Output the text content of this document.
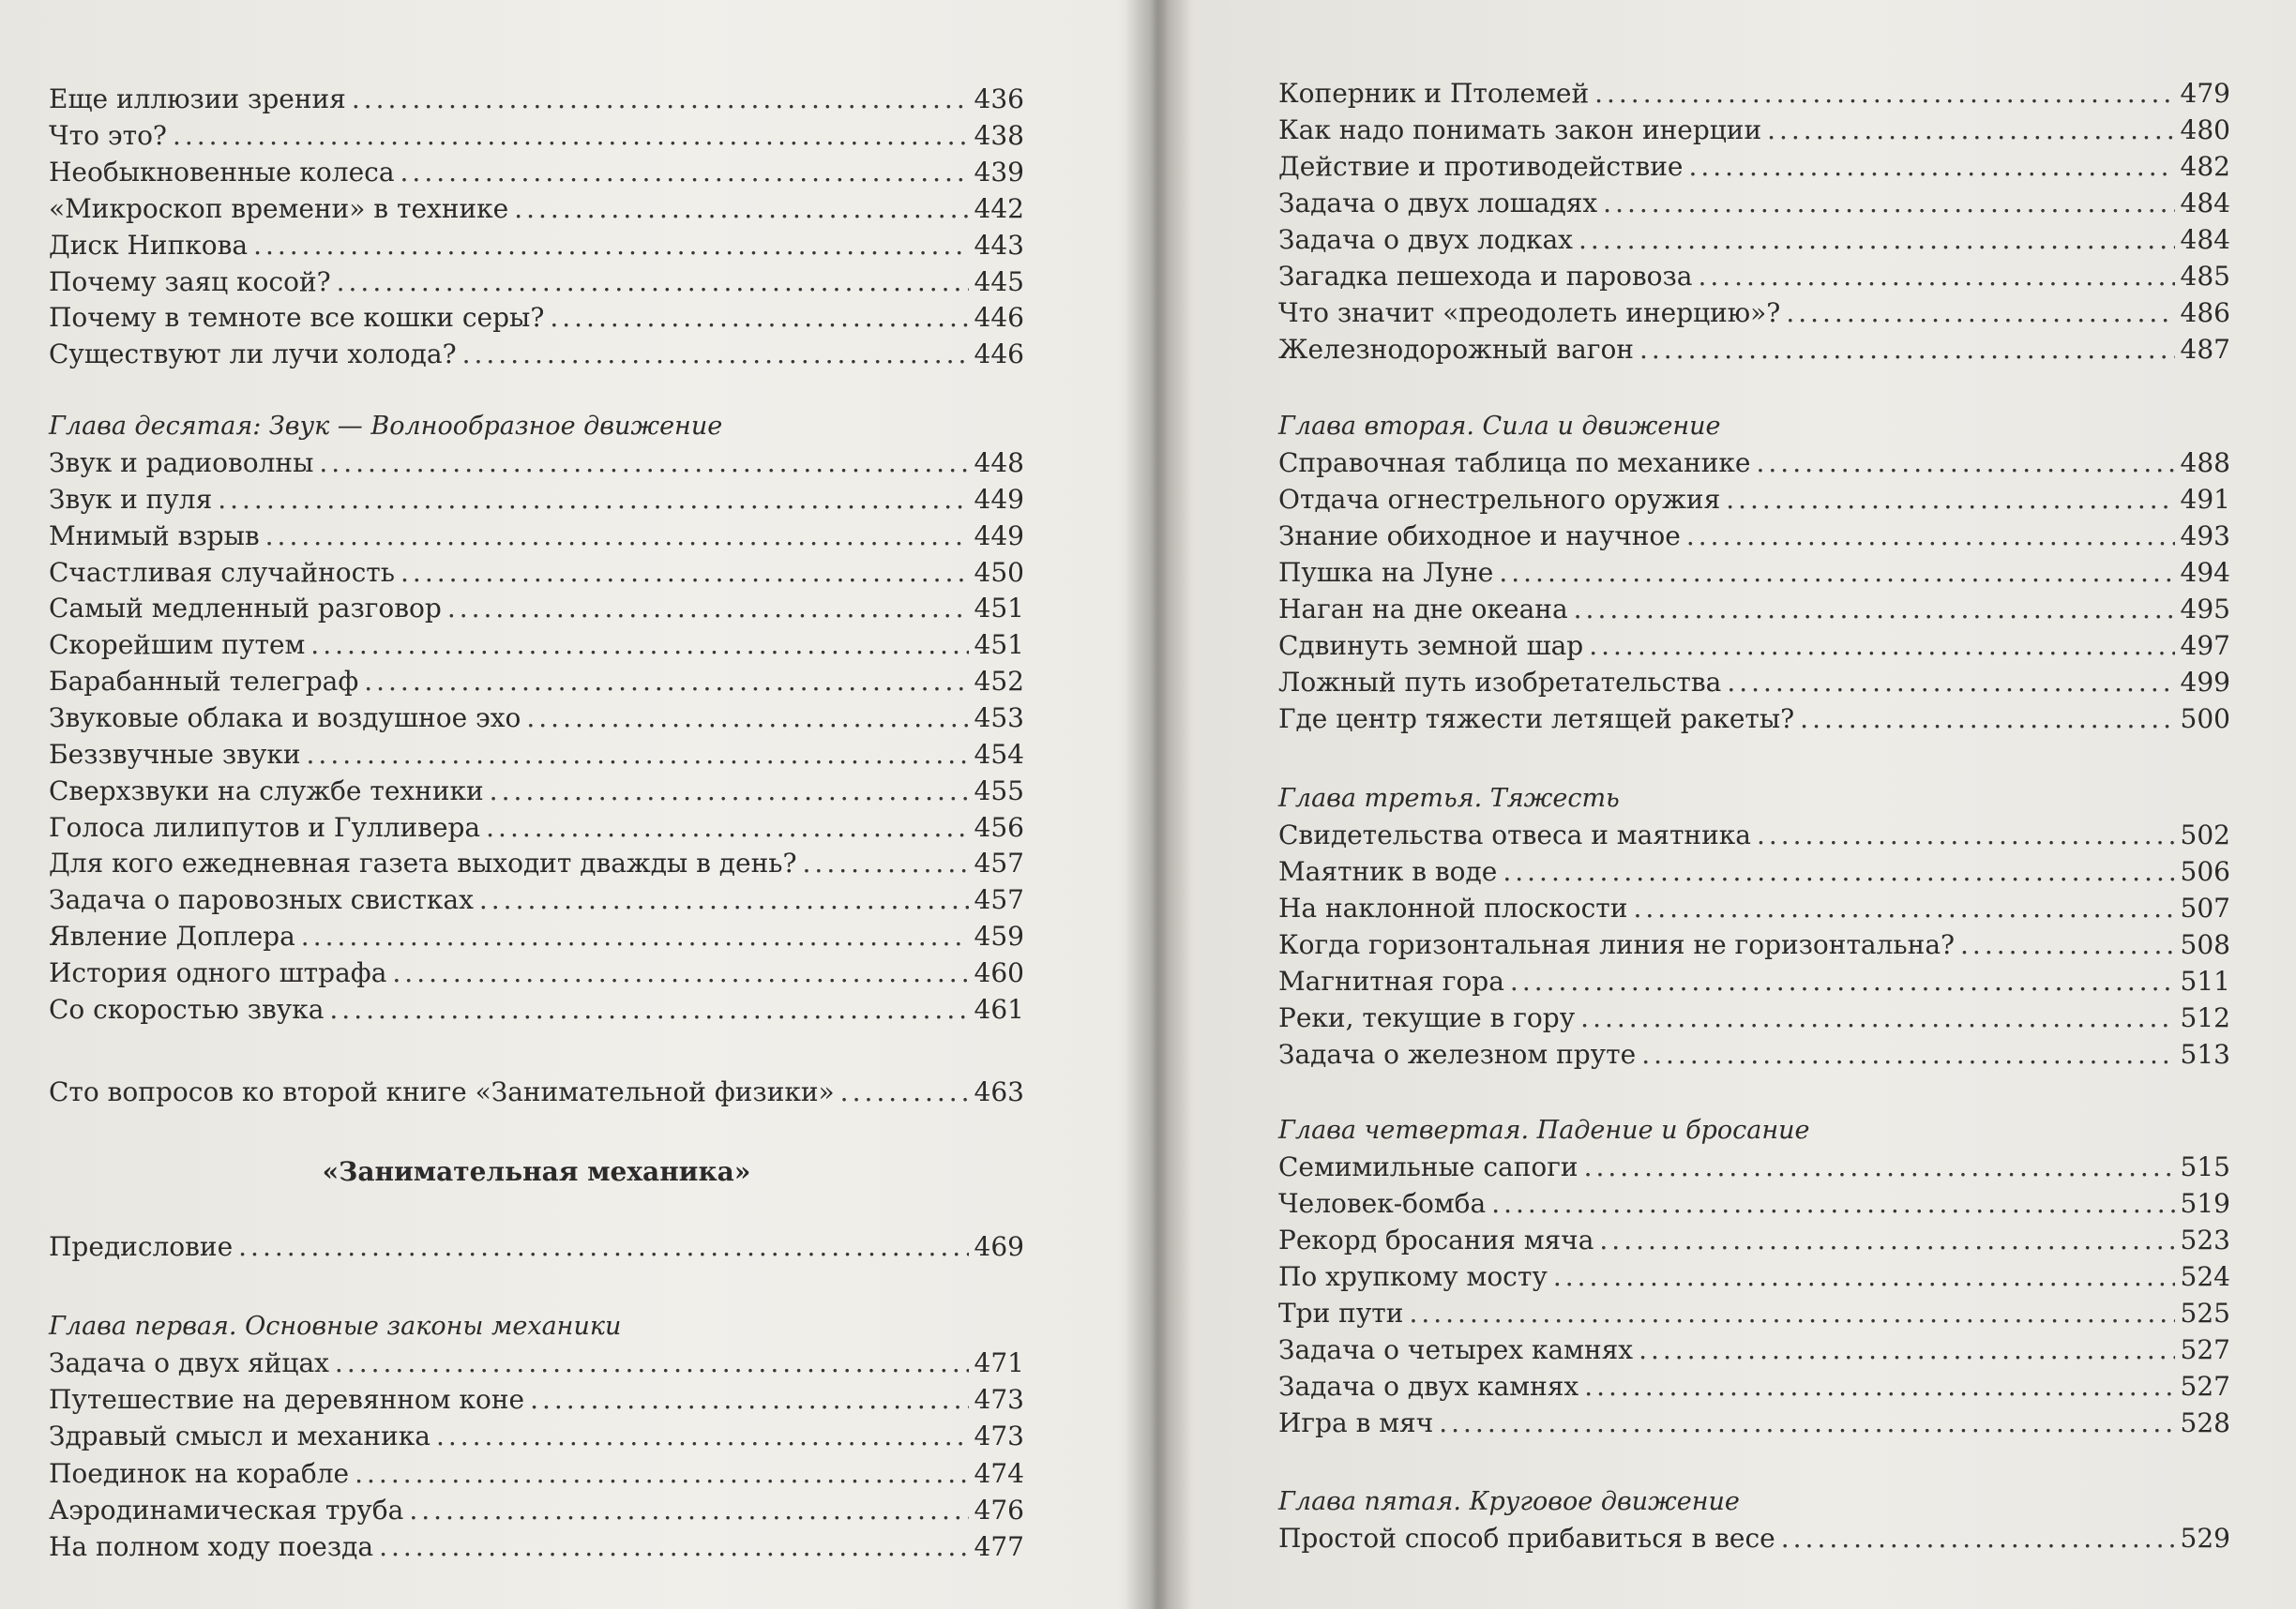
Еще иллюзии зрения .....	436
Что это? .....	438
Необыкновенные колеса .....	439
«Микроскоп времени» в технике .....	442
Диск Нипкова .....	443
Почему заяц косой? .....	445
Почему в темноте все кошки серы? .....	446
Существуют ли лучи холода? .....	446
Глава десятая: Звук — Волнообразное движение
Звук и радиоволны .....	448
Звук и пуля .....	449
Мнимый взрыв .....	449
Счастливая случайность .....	450
Самый медленный разговор .....	451
Скорейшим путем .....	451
Барабанный телеграф .....	452
Звуковые облака и воздушное эхо .....	453
Беззвучные звуки .....	454
Сверхзвуки на службе техники .....	455
Голоса лилипутов и Гулливера .....	456
Для кого ежедневная газета выходит дважды в день? .....	457
Задача о паровозных свистках .....	457
Явление Доплера .....	459
История одного штрафа .....	460
Со скоростью звука .....	461
Сто вопросов ко второй книге «Занимательной физики» .....	463
«Занимательная механика»
Предисловие .....	469
Глава первая. Основные законы механики
Задача о двух яйцах .....	471
Путешествие на деревянном коне .....	473
Здравый смысл и механика .....	473
Поединок на корабле .....	474
Аэродинамическая труба .....	476
На полном ходу поезда .....	477
Коперник и Птолемей .....	479
Как надо понимать закон инерции .....	480
Действие и противодействие .....	482
Задача о двух лошадях .....	484
Задача о двух лодках .....	484
Загадка пешехода и паровоза .....	485
Что значит «преодолеть инерцию»? .....	486
Железнодорожный вагон .....	487
Глава вторая. Сила и движение
Справочная таблица по механике .....	488
Отдача огнестрельного оружия .....	491
Знание обиходное и научное .....	493
Пушка на Луне .....	494
Наган на дне океана .....	495
Сдвинуть земной шар .....	497
Ложный путь изобретательства .....	499
Где центр тяжести летящей ракеты? .....	500
Глава третья. Тяжесть
Свидетельства отвеса и маятника .....	502
Маятник в воде .....	506
На наклонной плоскости .....	507
Когда горизонтальная линия не горизонтальна? .....	508
Магнитная гора .....	511
Реки, текущие в гору .....	512
Задача о железном пруте .....	513
Глава четвертая. Падение и бросание
Семимильные сапоги .....	515
Человек-бомба .....	519
Рекорд бросания мяча .....	523
По хрупкому мосту .....	524
Три пути .....	525
Задача о четырех камнях .....	527
Задача о двух камнях .....	527
Игра в мяч .....	528
Глава пятая. Круговое движение
Простой способ прибавиться в весе .....	529
